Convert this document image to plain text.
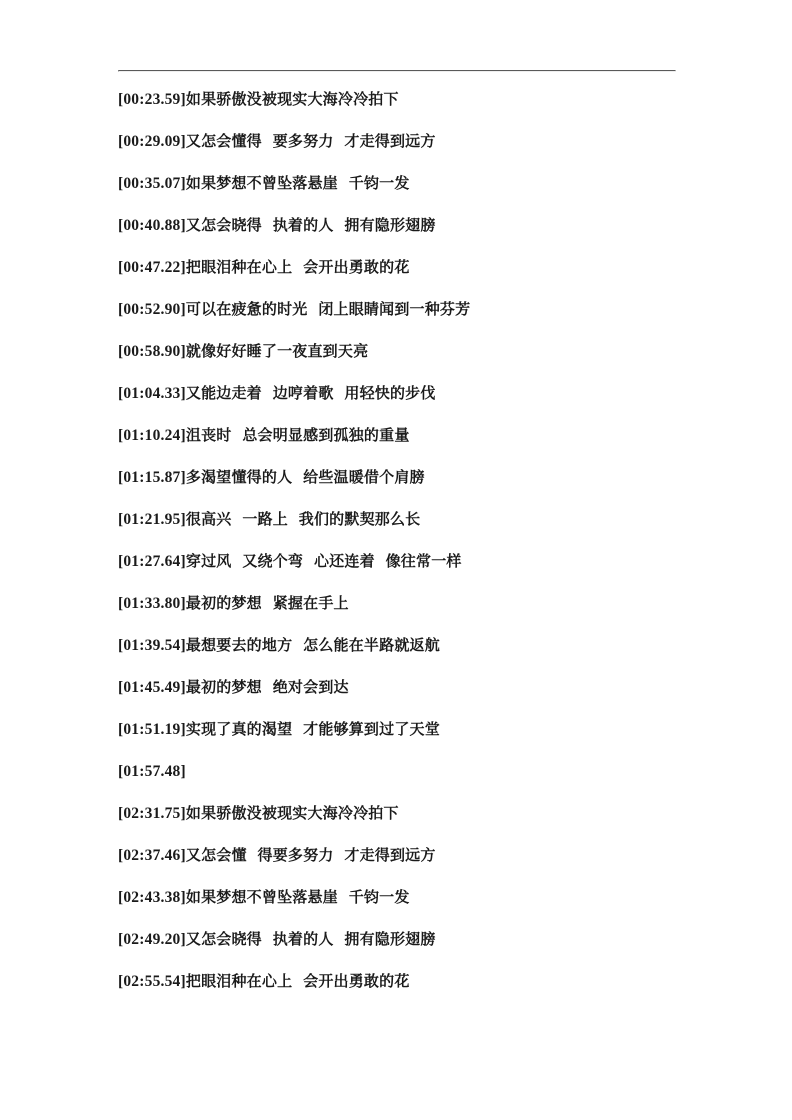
[00:23.59]如果骄傲没被现实大海冷冷拍下
[00:29.09]又怎会懂得  要多努力  才走得到远方
[00:35.07]如果梦想不曾坠落悬崖  千钧一发
[00:40.88]又怎会晓得  执着的人  拥有隐形翅膀
[00:47.22]把眼泪种在心上  会开出勇敢的花
[00:52.90]可以在疲惫的时光  闭上眼睛闻到一种芬芳
[00:58.90]就像好好睡了一夜直到天亮
[01:04.33]又能边走着  边哼着歌  用轻快的步伐
[01:10.24]沮丧时  总会明显感到孤独的重量
[01:15.87]多渴望懂得的人  给些温暖借个肩膀
[01:21.95]很高兴  一路上  我们的默契那么长
[01:27.64]穿过风  又绕个弯  心还连着  像往常一样
[01:33.80]最初的梦想  紧握在手上
[01:39.54]最想要去的地方  怎么能在半路就返航
[01:45.49]最初的梦想  绝对会到达
[01:51.19]实现了真的渴望  才能够算到过了天堂
[01:57.48]
[02:31.75]如果骄傲没被现实大海冷冷拍下
[02:37.46]又怎会懂  得要多努力  才走得到远方
[02:43.38]如果梦想不曾坠落悬崖  千钧一发
[02:49.20]又怎会晓得  执着的人  拥有隐形翅膀
[02:55.54]把眼泪种在心上  会开出勇敢的花
